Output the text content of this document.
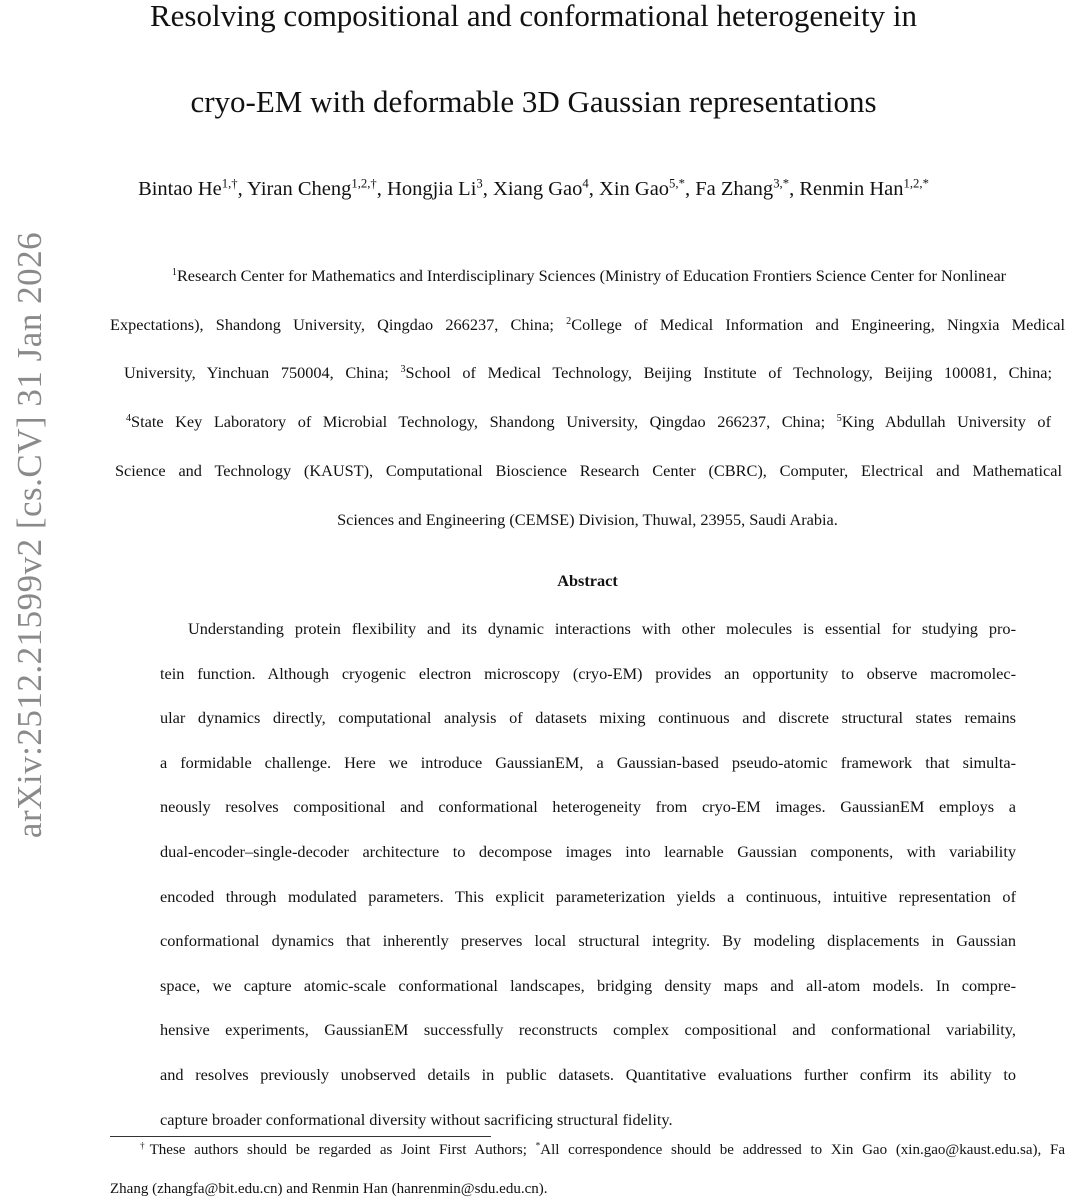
arXiv:2512.21599v2 [cs.CV] 31 Jan 2026
Resolving compositional and conformational heterogeneity in
cryo-EM with deformable 3D Gaussian representations
Bintao $He^{1,\dagger}$, Yiran Cheng$^{1,2,\dagger}$, Hongjia Li$^3$, Xiang Gao$^4$, Xin Gao$^{5,*}$, Fa Zhang$^{3,*}$, Renmin Han$^{1,2,*}$
$^1$Research Center for Mathematics and Interdisciplinary Sciences (Ministry of Education Frontiers Science Center for Nonlinear
Expectations), Shandong University, Qingdao 266237, China; $^2$College of Medical Information and Engineering, Ningxia Medical
University, Yinchuan 750004, China; $^3$School of Medical Technology, Beijing Institute of Technology, Beijing 100081, China;
$^4$State Key Laboratory of Microbial Technology, Shandong University, Qingdao 266237, China; $^5$King Abdullah University of
Science and Technology (KAUST), Computational Bioscience Research Center (CBRC), Computer, Electrical and Mathematical
Sciences and Engineering (CEMSE) Division, Thuwal, 23955, Saudi Arabia.
Abstract
Understanding protein flexibility and its dynamic interactions with other molecules is essential for studying pro-
tein function. Although cryogenic electron microscopy (cryo-EM) provides an opportunity to observe macromolec-
ular dynamics directly, computational analysis of datasets mixing continuous and discrete structural states remains
a formidable challenge. Here we introduce GaussianEM, a Gaussian-based pseudo-atomic framework that simulta-
neously resolves compositional and conformational heterogeneity from cryo-EM images. GaussianEM employs a
dual-encoder–single-decoder architecture to decompose images into learnable Gaussian components, with variability
encoded through modulated parameters. This explicit parameterization yields a continuous, intuitive representation of
conformational dynamics that inherently preserves local structural integrity. By modeling displacements in Gaussian
space, we capture atomic-scale conformational landscapes, bridging density maps and all-atom models. In compre-
hensive experiments, GaussianEM successfully reconstructs complex compositional and conformational variability,
and resolves previously unobserved details in public datasets. Quantitative evaluations further confirm its ability to
capture broader conformational diversity without sacrificing structural fidelity.
†These authors should be regarded as Joint First Authors; *All correspondence should be addressed to Xin Gao (xin.gao@kaust.edu.sa), Fa
Zhang (zhangfa@bit.edu.cn) and Renmin Han (hanrenmin@sdu.edu.cn).
